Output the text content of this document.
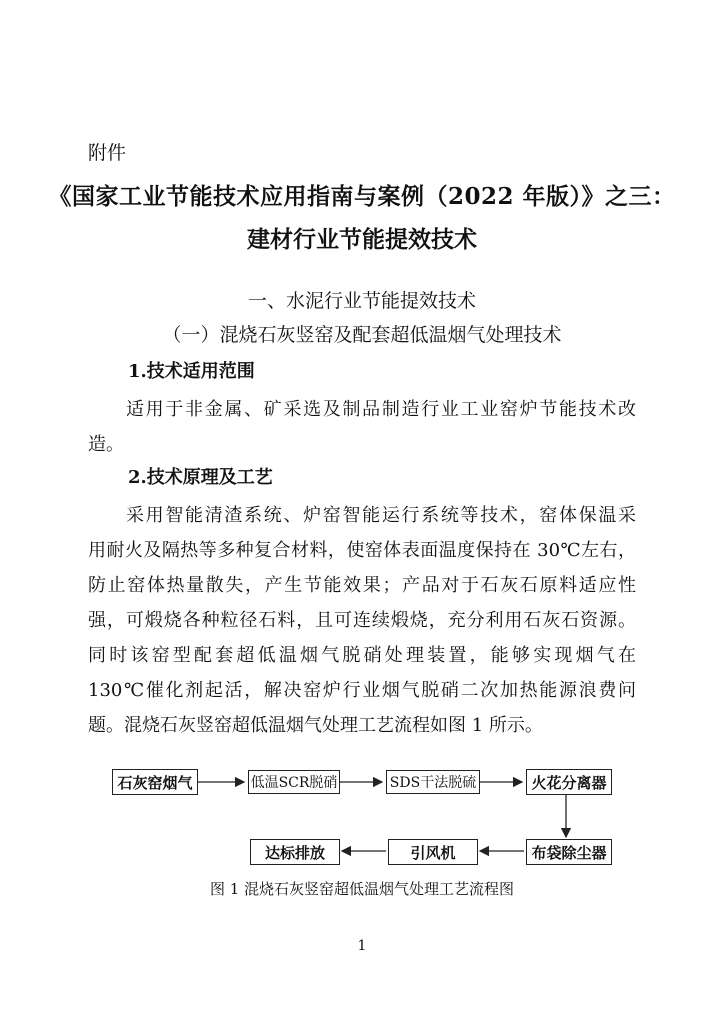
附件
《国家工业节能技术应用指南与案例（2022 年版）》之三：
建材行业节能提效技术
一、水泥行业节能提效技术
（一）混烧石灰竖窑及配套超低温烟气处理技术
1.技术适用范围
适用于非金属、矿采选及制品制造行业工业窑炉节能技术改
造。
2.技术原理及工艺
采用智能清渣系统、炉窑智能运行系统等技术，窑体保温采
用耐火及隔热等多种复合材料，使窑体表面温度保持在 30℃左右，
防止窑体热量散失，产生节能效果；产品对于石灰石原料适应性
强，可煅烧各种粒径石料，且可连续煅烧，充分利用石灰石资源。
同时该窑型配套超低温烟气脱硝处理装置，能够实现烟气在
130℃催化剂起活，解决窑炉行业烟气脱硝二次加热能源浪费问
题。混烧石灰竖窑超低温烟气处理工艺流程如图 1 所示。
石灰窑烟气	低温SCR脱硝	SDS干法脱硫	火花分离器
布袋除尘器
引风机
达标排放
图 1 混烧石灰竖窑超低温烟气处理工艺流程图
1
